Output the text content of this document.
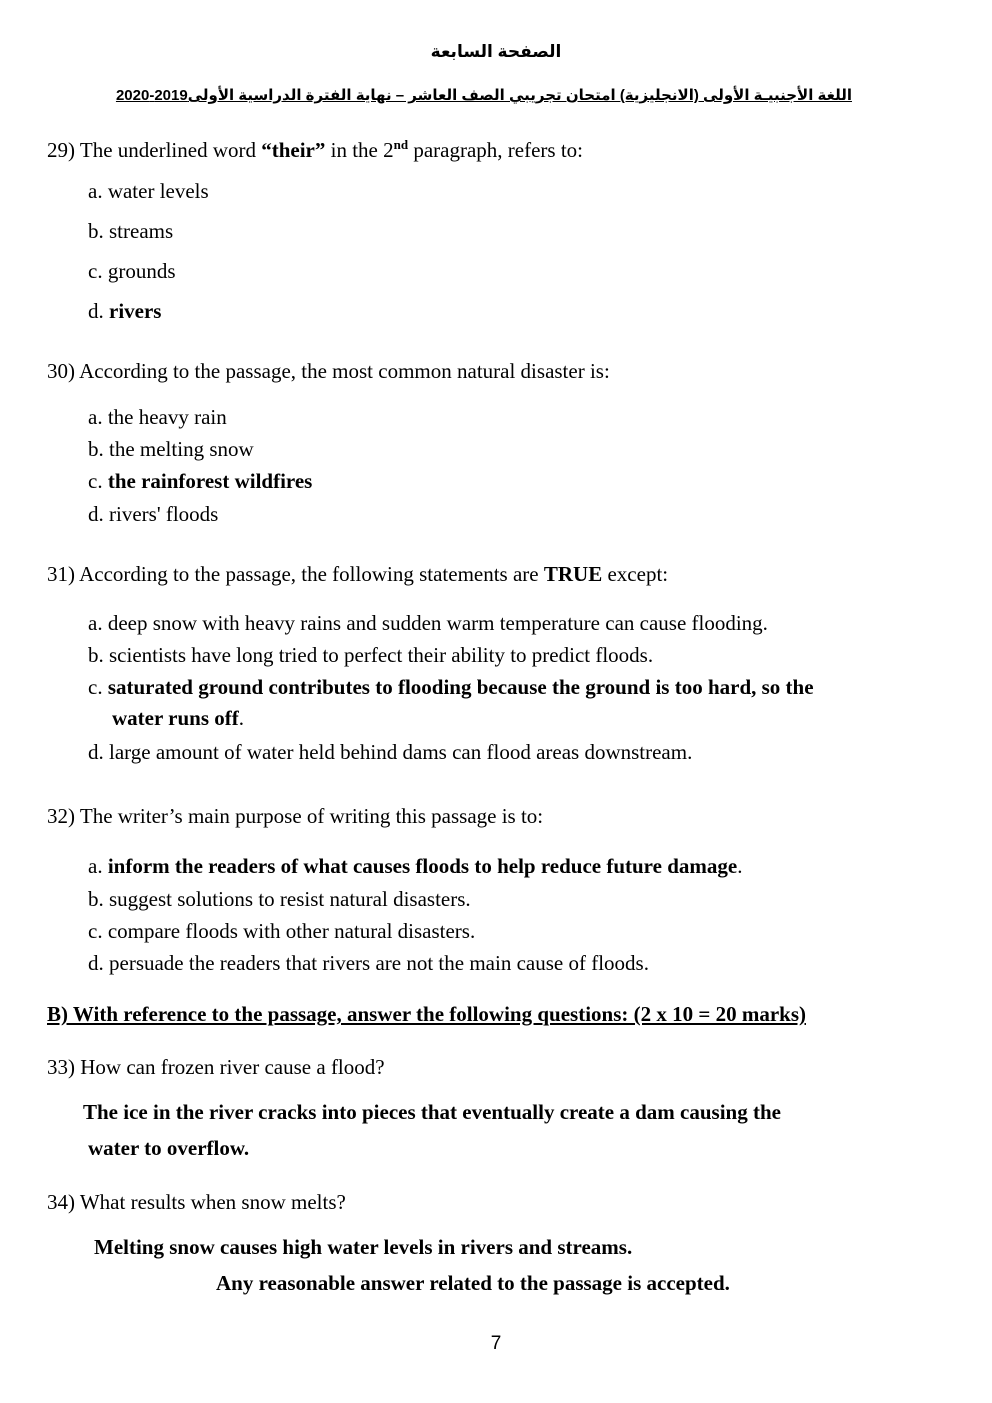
الصفحة السابعة
اللغة الأجنبيـة الأولى (الانجليزية) امتحان تجريبي الصف العاشر – نهاية الفترة الدراسية الأولى2019-2020
29) The underlined word “their” in the 2nd paragraph, refers to:
a. water levels
b. streams
c. grounds
d. rivers
30) According to the passage, the most common natural disaster is:
a. the heavy rain
b. the melting snow
c. the rainforest wildfires
d. rivers' floods
31) According to the passage, the following statements are TRUE except:
a. deep snow with heavy rains and sudden warm temperature can cause flooding.
b. scientists have long tried to perfect their ability to predict floods.
c. saturated ground contributes to flooding because the ground is too hard, so the
water runs off.
d. large amount of water held behind dams can flood areas downstream.
32) The writer’s main purpose of writing this passage is to:
a. inform the readers of what causes floods to help reduce future damage.
b. suggest solutions to resist natural disasters.
c. compare floods with other natural disasters.
d. persuade the readers that rivers are not the main cause of floods.
B) With reference to the passage, answer the following questions: (2 x 10 = 20 marks)
33) How can frozen river cause a flood?
The ice in the river cracks into pieces that eventually create a dam causing the
water to overflow.
34) What results when snow melts?
Melting snow causes high water levels in rivers and streams.
Any reasonable answer related to the passage is accepted.
7
